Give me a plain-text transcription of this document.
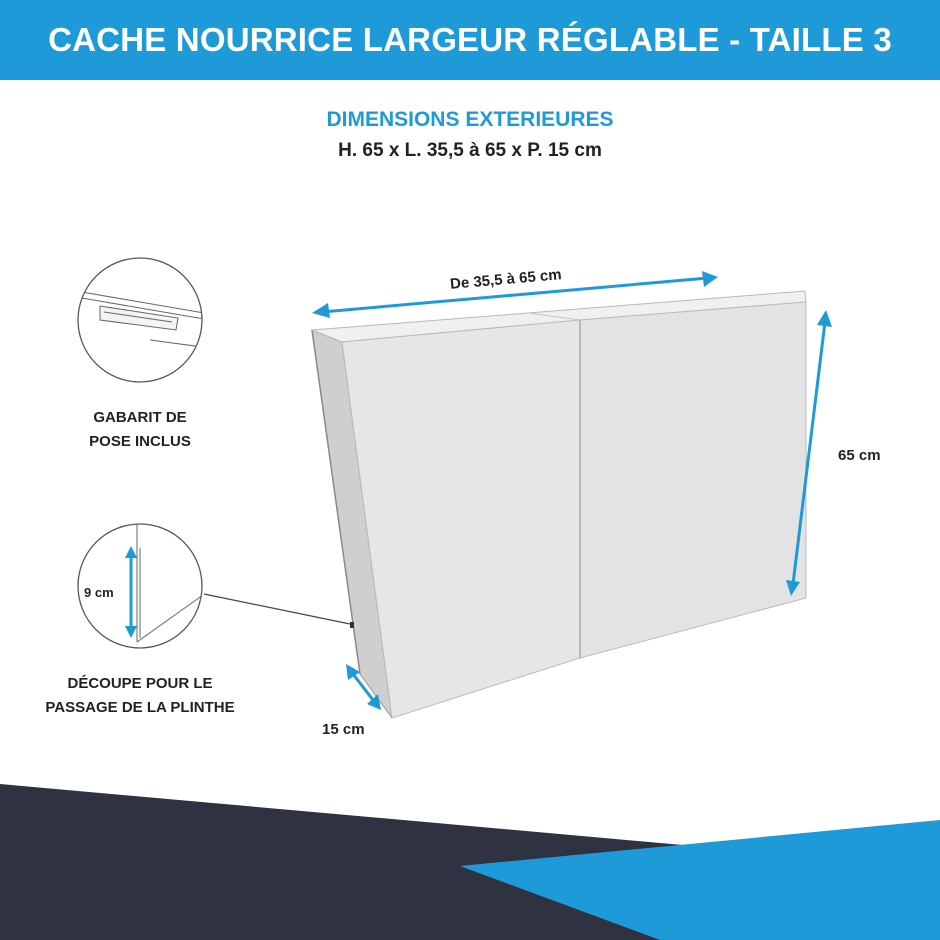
CACHE NOURRICE LARGEUR RÉGLABLE - TAILLE 3
DIMENSIONS EXTERIEURES
H. 65 x L. 35,5 à 65 x P. 15 cm
De 35,5 à 65 cm
65 cm
15 cm
9 cm
GABARIT DE
POSE INCLUS
DÉCOUPE POUR LE
PASSAGE DE LA PLINTHE
